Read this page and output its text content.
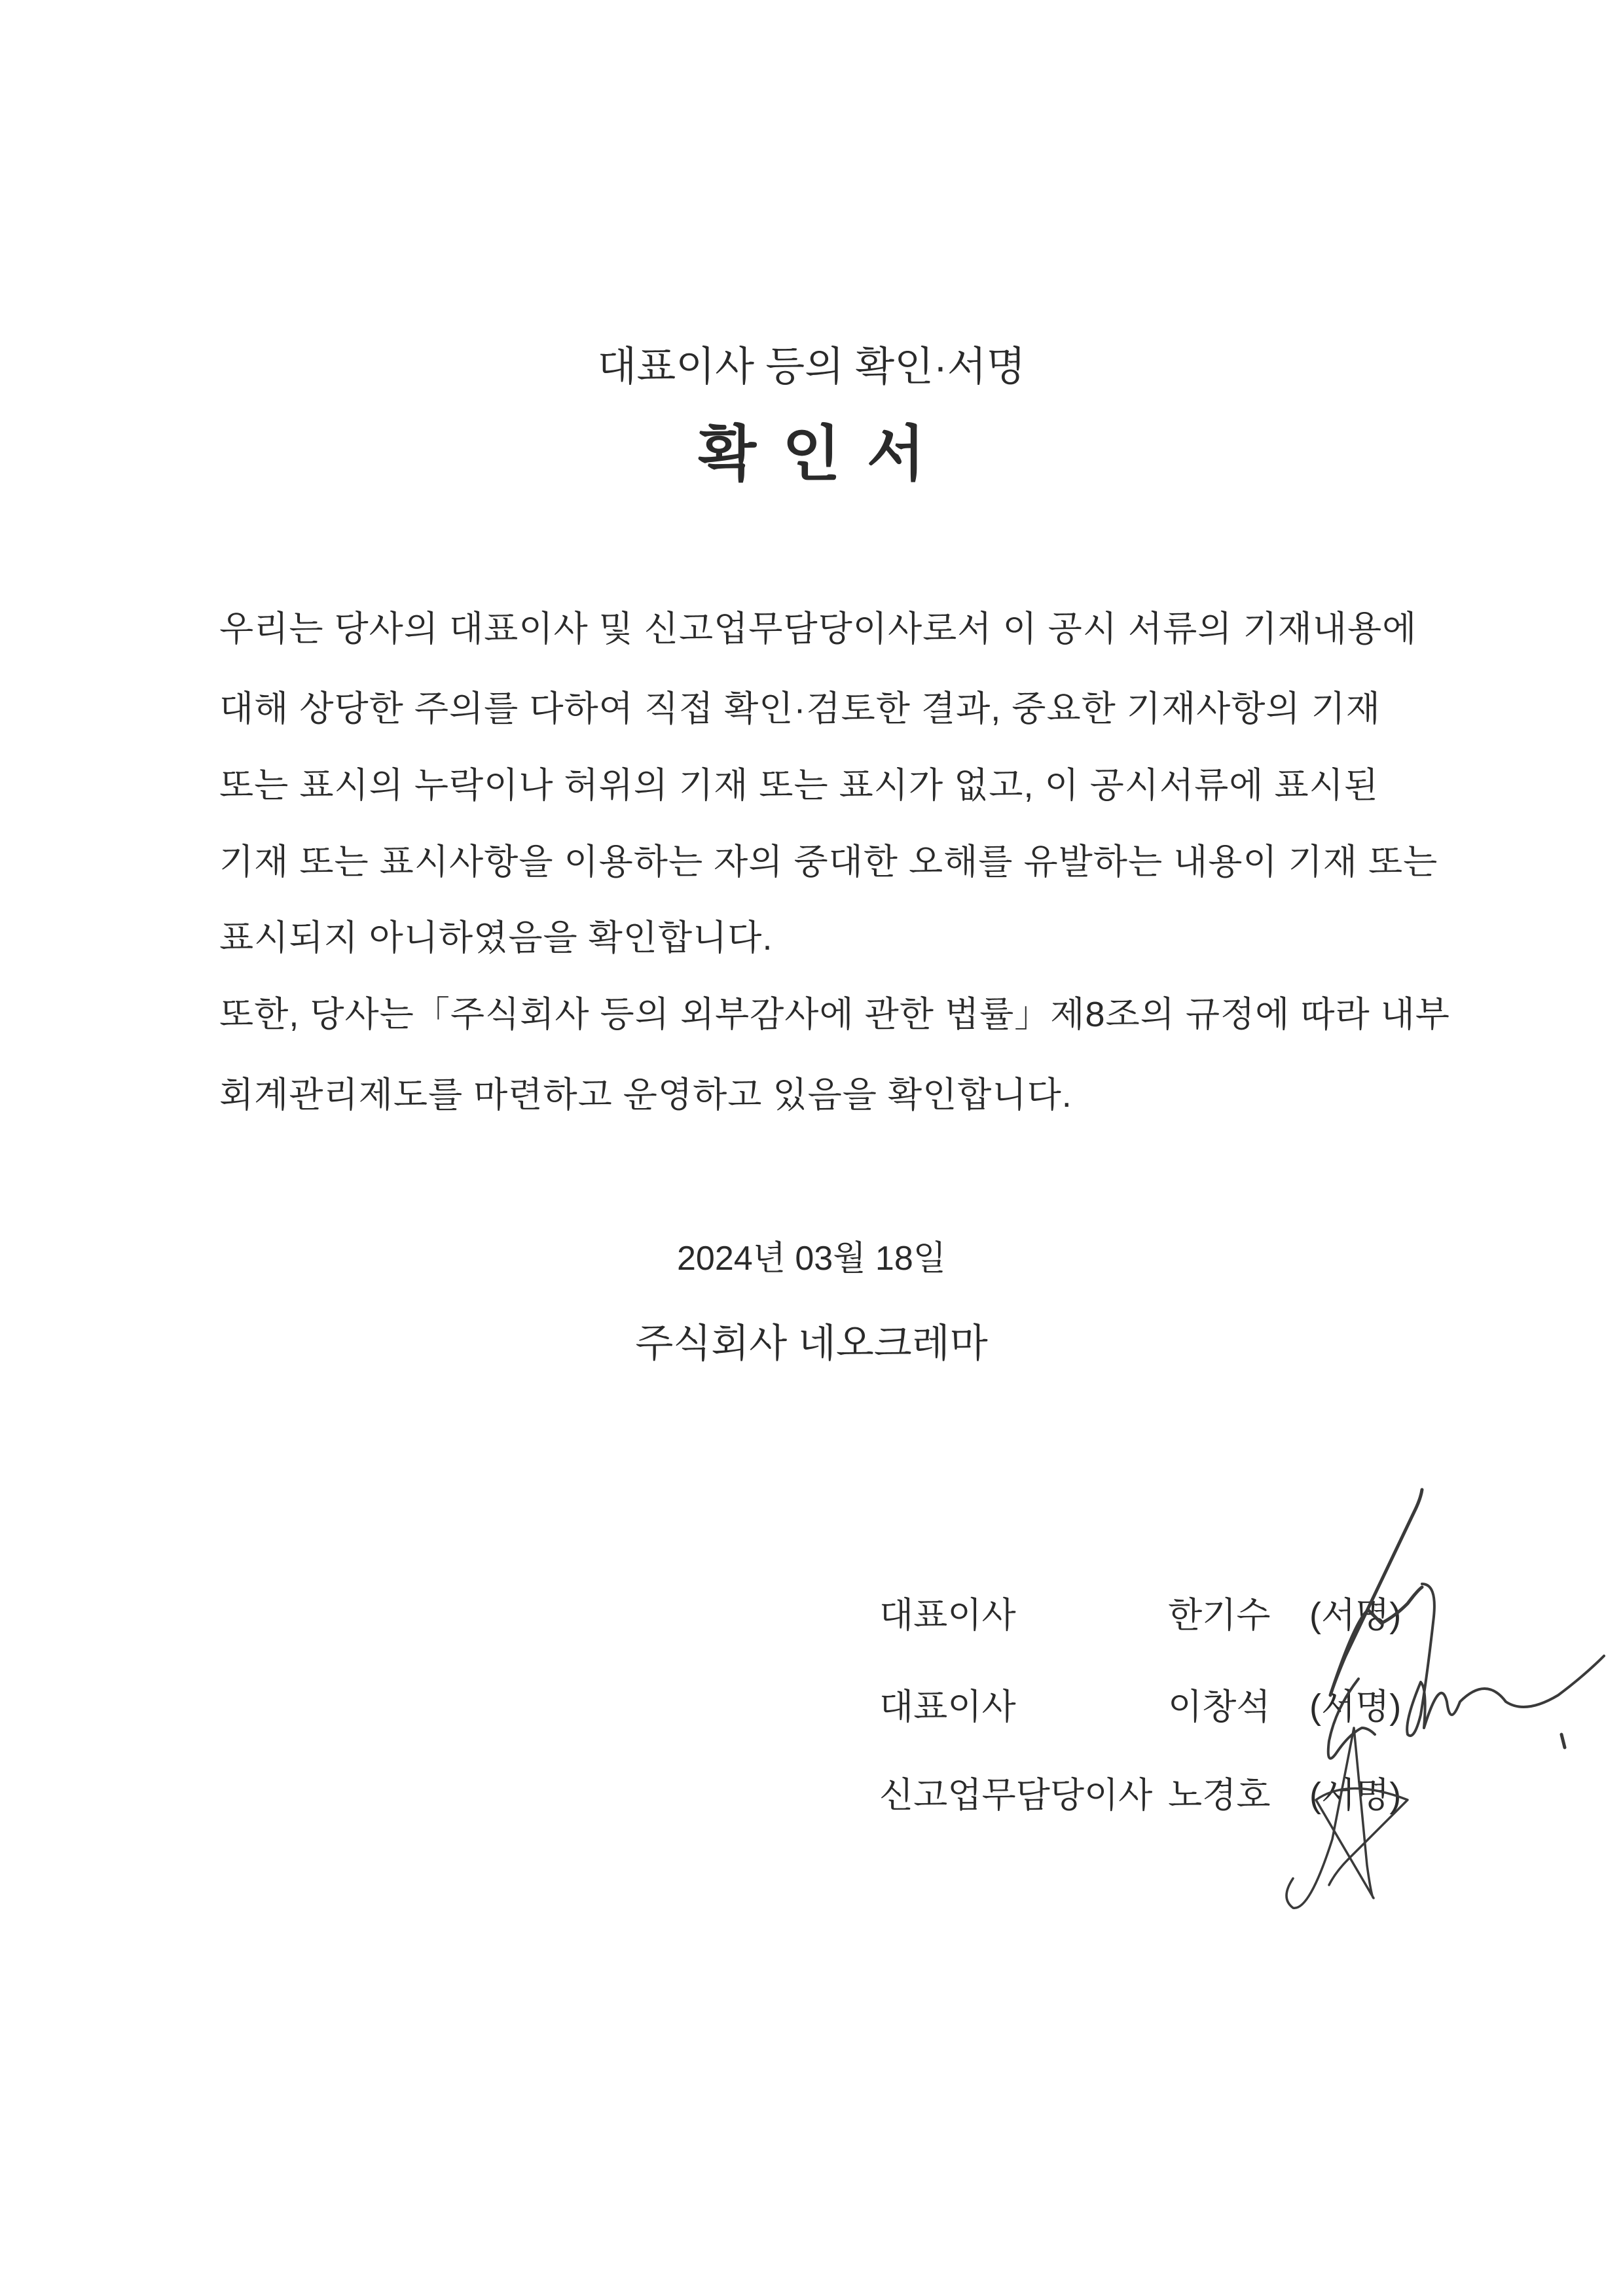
대표이사 등의 확인·서명
확인서
우리는 당사의 대표이사 및 신고업무담당이사로서 이 공시 서류의 기재내용에
대해 상당한 주의를 다하여 직접 확인·검토한 결과, 중요한 기재사항의 기재
또는 표시의 누락이나 허위의 기재 또는 표시가 없고, 이 공시서류에 표시된
기재 또는 표시사항을 이용하는 자의 중대한 오해를 유발하는 내용이 기재 또는
표시되지 아니하였음을 확인합니다.
또한, 당사는「주식회사 등의 외부감사에 관한 법률」제8조의 규정에 따라 내부
회계관리제도를 마련하고 운영하고 있음을 확인합니다.
2024년 03월 18일
주식회사 네오크레마
대표이사	한기수 (서명)
대표이사	이창석 (서명)
신고업무담당이사 노경호 (서명)
